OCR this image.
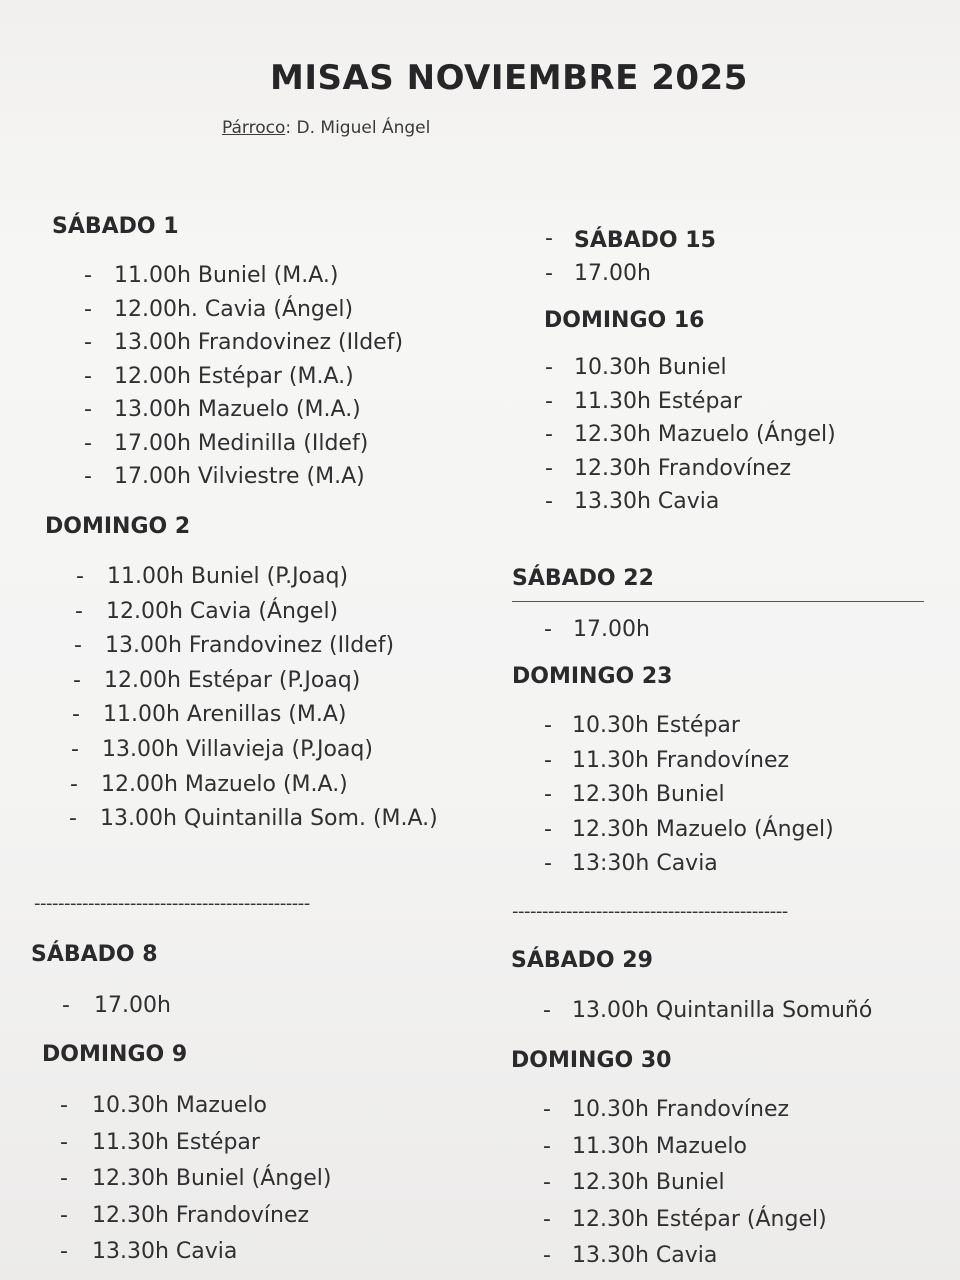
MISAS NOVIEMBRE 2025
Párroco: D. Miguel Ángel
SÁBADO 1
- 11.00h Buniel (M.A.)
- 12.00h. Cavia (Ángel)
- 13.00h Frandovinez (Ildef)
- 12.00h Estépar (M.A.)
- 13.00h Mazuelo (M.A.)
- 17.00h Medinilla (Ildef)
- 17.00h Vilviestre (M.A)
DOMINGO 2
- 11.00h Buniel (P.Joaq)
- 12.00h Cavia (Ángel)
- 13.00h Frandovinez (Ildef)
- 12.00h Estépar (P.Joaq)
- 11.00h Arenillas (M.A)
- 13.00h Villavieja (P.Joaq)
- 12.00h Mazuelo (M.A.)
- 13.00h Quintanilla Som. (M.A.)
SÁBADO 8
- 17.00h
DOMINGO 9
- 10.30h Mazuelo
- 11.30h Estépar
- 12.30h Buniel (Ángel)
- 12.30h Frandovínez
- 13.30h Cavia
SÁBADO 15
-
- 17.00h
DOMINGO 16
- 10.30h Buniel
- 11.30h Estépar
- 12.30h Mazuelo (Ángel)
- 12.30h Frandovínez
- 13.30h Cavia
SÁBADO 22
- 17.00h
DOMINGO 23
- 10.30h Estépar
- 11.30h Frandovínez
- 12.30h Buniel
- 12.30h Mazuelo (Ángel)
- 13:30h Cavia
SÁBADO 29
- 13.00h Quintanilla Somuñó
DOMINGO 30
- 10.30h Frandovínez
- 11.30h Mazuelo
- 12.30h Buniel
- 12.30h Estépar (Ángel)
- 13.30h Cavia
----------------------------------------------	----------------------------------------------
